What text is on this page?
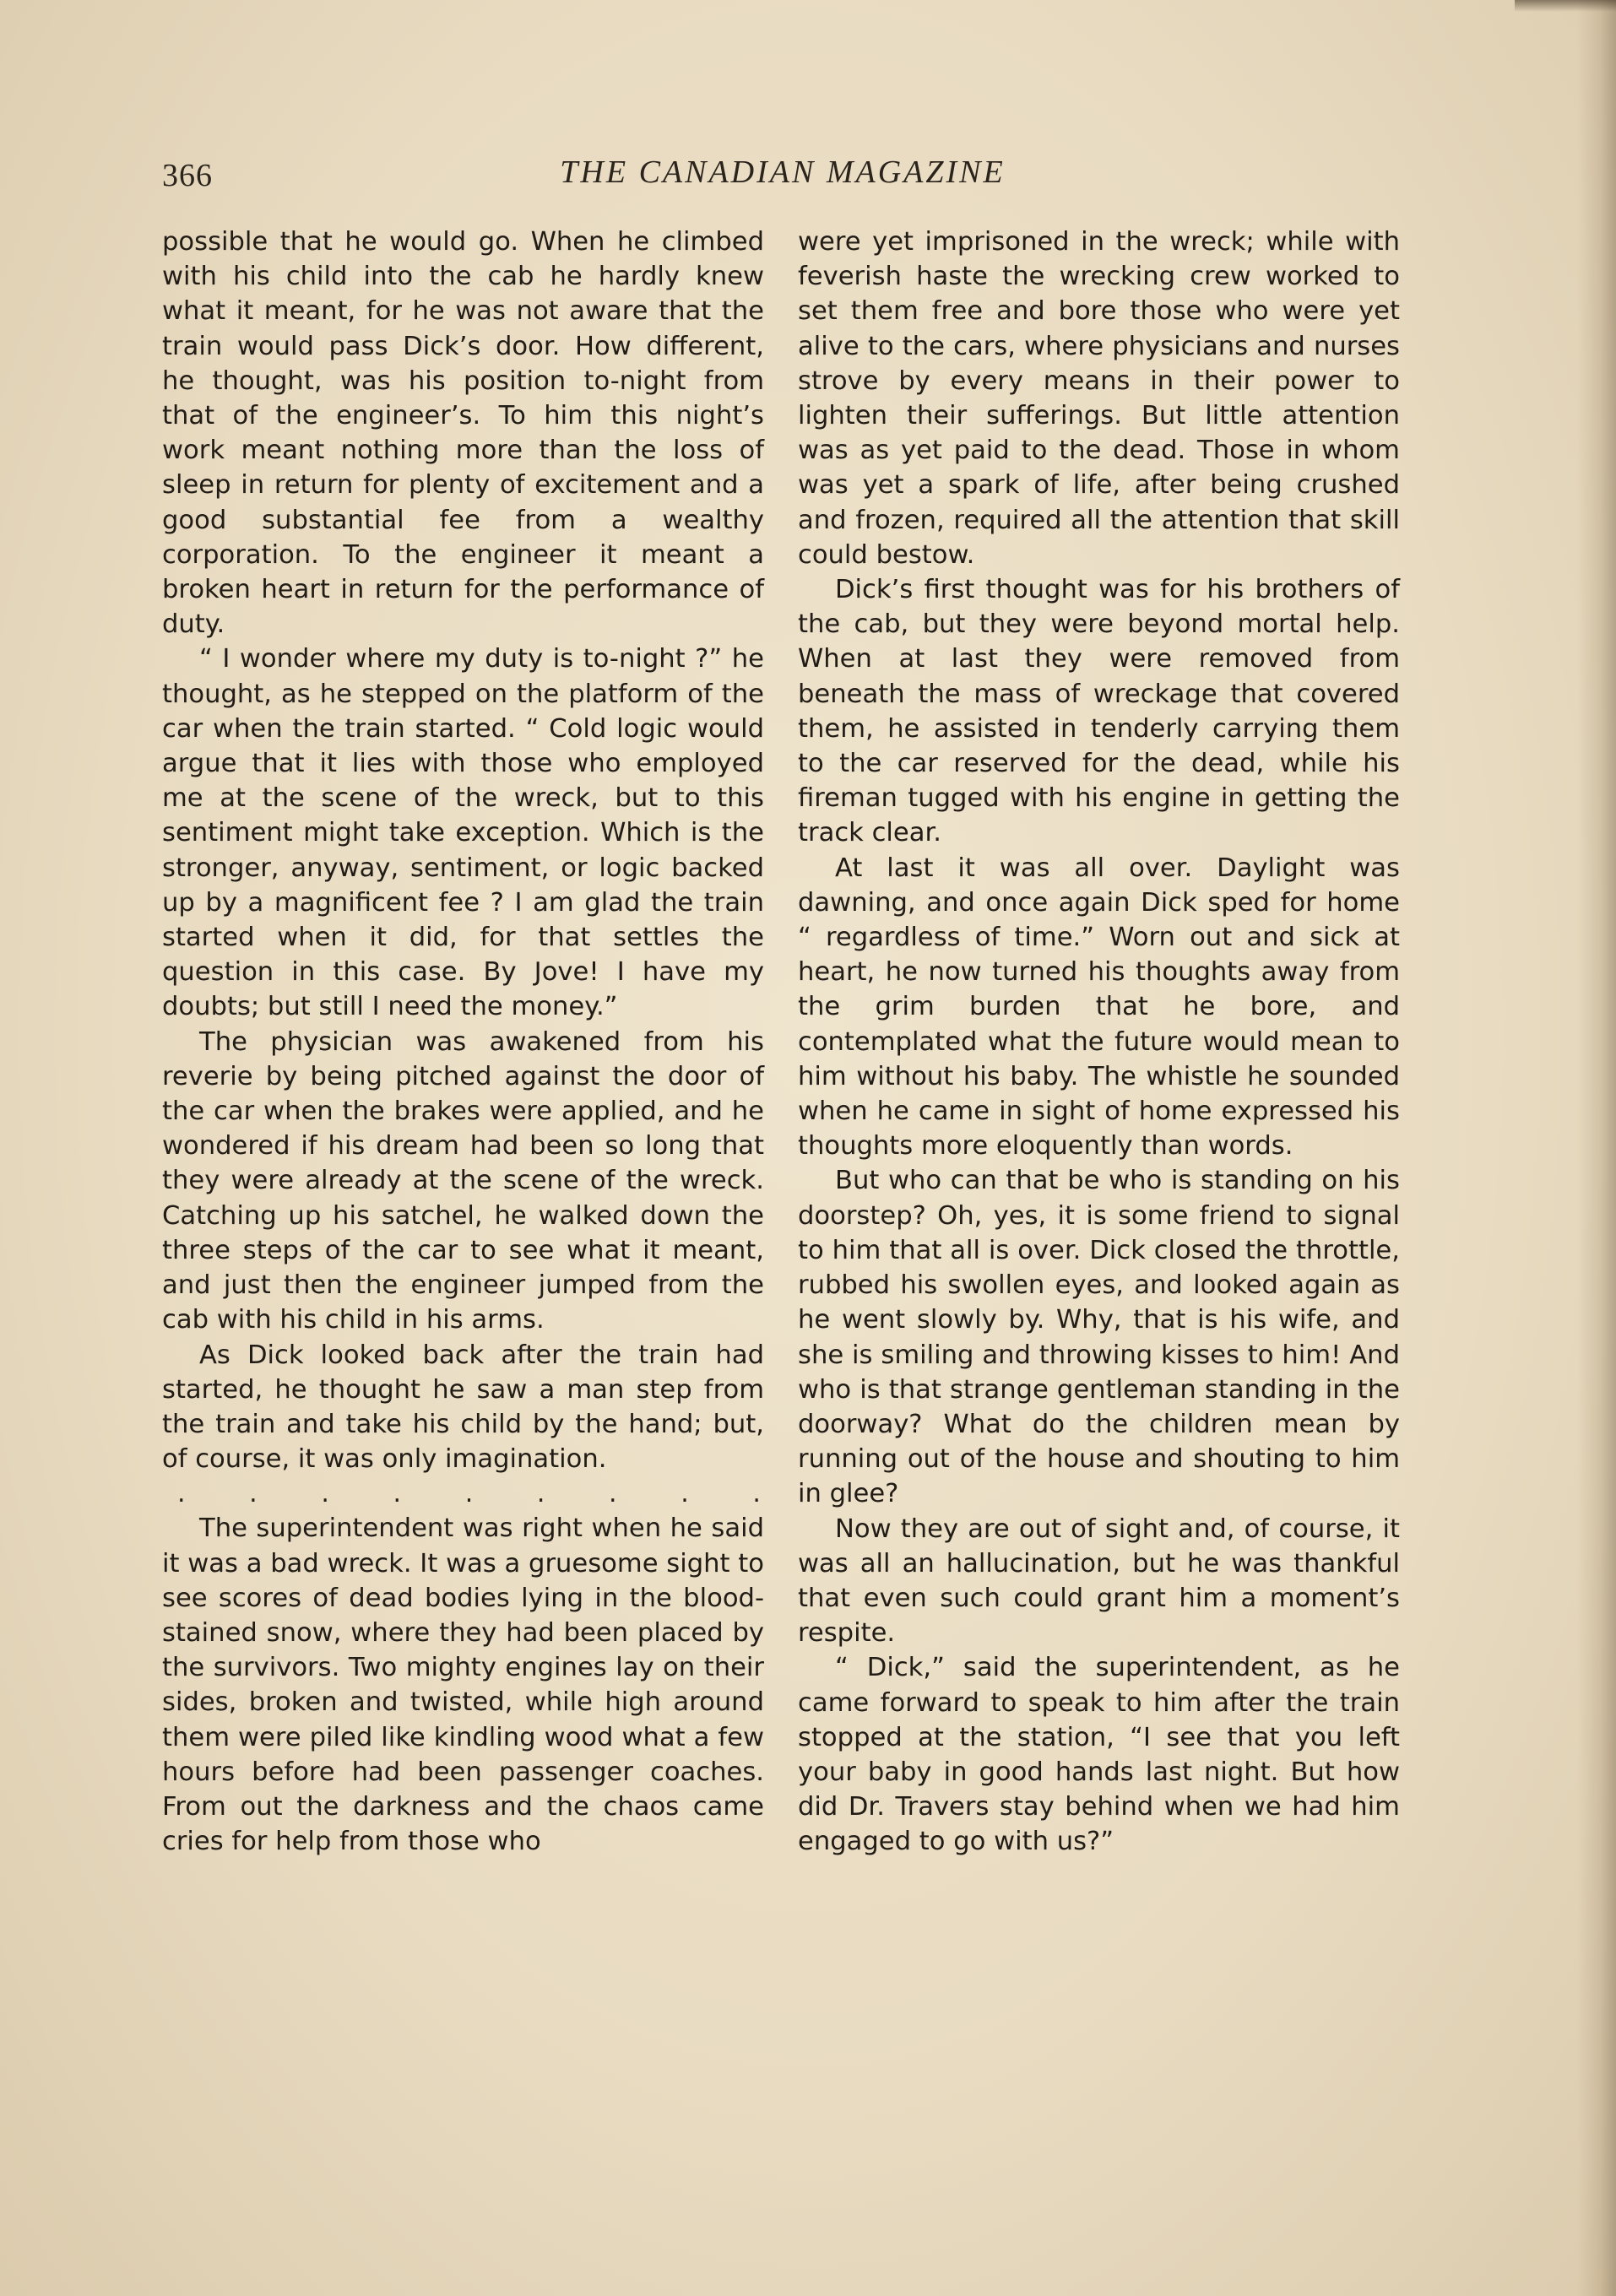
366	THE CANADIAN MAGAZINE

possible that he would go. When he climbed with his child into the cab he hardly knew what it meant, for he was not aware that the train would pass Dick’s door. How different, he thought, was his position to-night from that of the engineer’s. To him this night’s work meant nothing more than the loss of sleep in return for plenty of excitement and a good substantial fee from a wealthy corporation. To the engineer it meant a broken heart in return for the performance of duty.

“ I wonder where my duty is to-night ?” he thought, as he stepped on the platform of the car when the train started. “ Cold logic would argue that it lies with those who employed me at the scene of the wreck, but to this sentiment might take exception. Which is the stronger, anyway, sentiment, or logic backed up by a magnificent fee ? I am glad the train started when it did, for that settles the question in this case. By Jove! I have my doubts; but still I need the money.”

The physician was awakened from his reverie by being pitched against the door of the car when the brakes were applied, and he wondered if his dream had been so long that they were already at the scene of the wreck. Catching up his satchel, he walked down the three steps of the car to see what it meant, and just then the engineer jumped from the cab with his child in his arms.

As Dick looked back after the train had started, he thought he saw a man step from the train and take his child by the hand; but, of course, it was only imagination.

.	.	.	.	.	.	.	.	.

The superintendent was right when he said it was a bad wreck. It was a gruesome sight to see scores of dead bodies lying in the blood-stained snow, where they had been placed by the survivors. Two mighty engines lay on their sides, broken and twisted, while high around them were piled like kindling wood what a few hours before had been passenger coaches. From out the darkness and the chaos came cries for help from those who

were yet imprisoned in the wreck; while with feverish haste the wrecking crew worked to set them free and bore those who were yet alive to the cars, where physicians and nurses strove by every means in their power to lighten their sufferings. But little attention was as yet paid to the dead. Those in whom was yet a spark of life, after being crushed and frozen, required all the attention that skill could bestow.

Dick’s first thought was for his brothers of the cab, but they were beyond mortal help. When at last they were removed from beneath the mass of wreckage that covered them, he assisted in tenderly carrying them to the car reserved for the dead, while his fireman tugged with his engine in getting the track clear.

At last it was all over. Daylight was dawning, and once again Dick sped for home “ regardless of time.” Worn out and sick at heart, he now turned his thoughts away from the grim burden that he bore, and contemplated what the future would mean to him without his baby. The whistle he sounded when he came in sight of home expressed his thoughts more eloquently than words.

But who can that be who is standing on his doorstep? Oh, yes, it is some friend to signal to him that all is over. Dick closed the throttle, rubbed his swollen eyes, and looked again as he went slowly by. Why, that is his wife, and she is smiling and throwing kisses to him! And who is that strange gentleman standing in the doorway? What do the children mean by running out of the house and shouting to him in glee?

Now they are out of sight and, of course, it was all an hallucination, but he was thankful that even such could grant him a moment’s respite.

“ Dick,” said the superintendent, as he came forward to speak to him after the train stopped at the station, “I see that you left your baby in good hands last night. But how did Dr. Travers stay behind when we had him engaged to go with us?”
